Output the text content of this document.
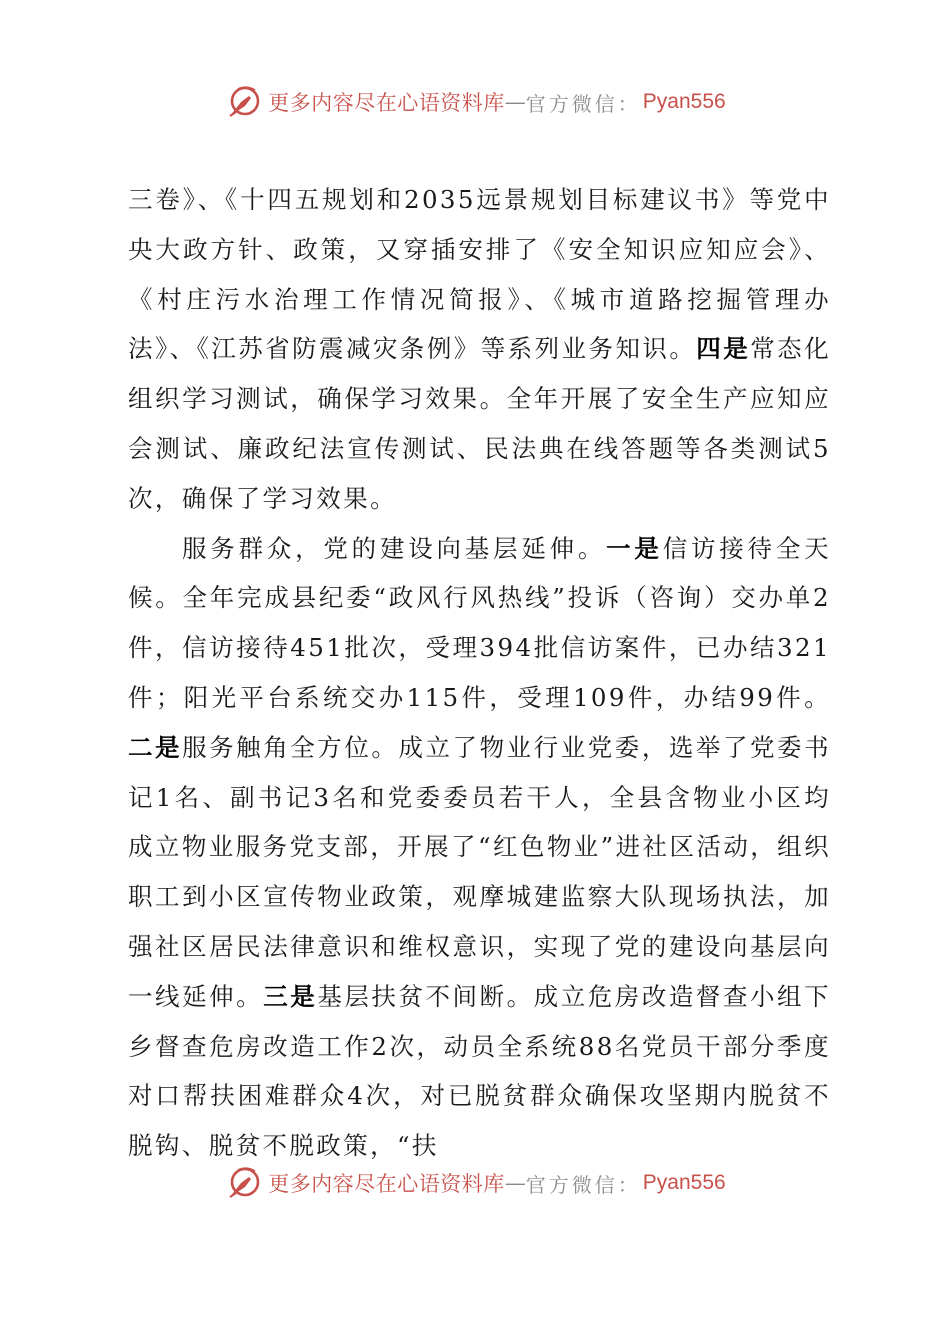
更多内容尽在心语资料库 — 官方微信： Pyan556

三卷》、《十四五规划和2035远景规划目标建议书》等党中央大政方针、政策，又穿插安排了《安全知识应知应会》、《村庄污水治理工作情况简报》、《城市道路挖掘管理办法》、《江苏省防震减灾条例》等系列业务知识。四是常态化组织学习测试，确保学习效果。全年开展了安全生产应知应会测试、廉政纪法宣传测试、民法典在线答题等各类测试5次，确保了学习效果。

服务群众，党的建设向基层延伸。一是信访接待全天候。全年完成县纪委“政风行风热线”投诉（咨询）交办单2件，信访接待451批次，受理394批信访案件，已办结321件；阳光平台系统交办115件，受理109件，办结99件。二是服务触角全方位。成立了物业行业党委，选举了党委书记1名、副书记3名和党委委员若干人，全县含物业小区均成立物业服务党支部，开展了“红色物业”进社区活动，组织职工到小区宣传物业政策，观摩城建监察大队现场执法，加强社区居民法律意识和维权意识，实现了党的建设向基层向一线延伸。三是基层扶贫不间断。成立危房改造督查小组下乡督查危房改造工作2次，动员全系统88名党员干部分季度对口帮扶困难群众4次，对已脱贫群众确保攻坚期内脱贫不脱钩、脱贫不脱政策，“扶

更多内容尽在心语资料库 — 官方微信： Pyan556
